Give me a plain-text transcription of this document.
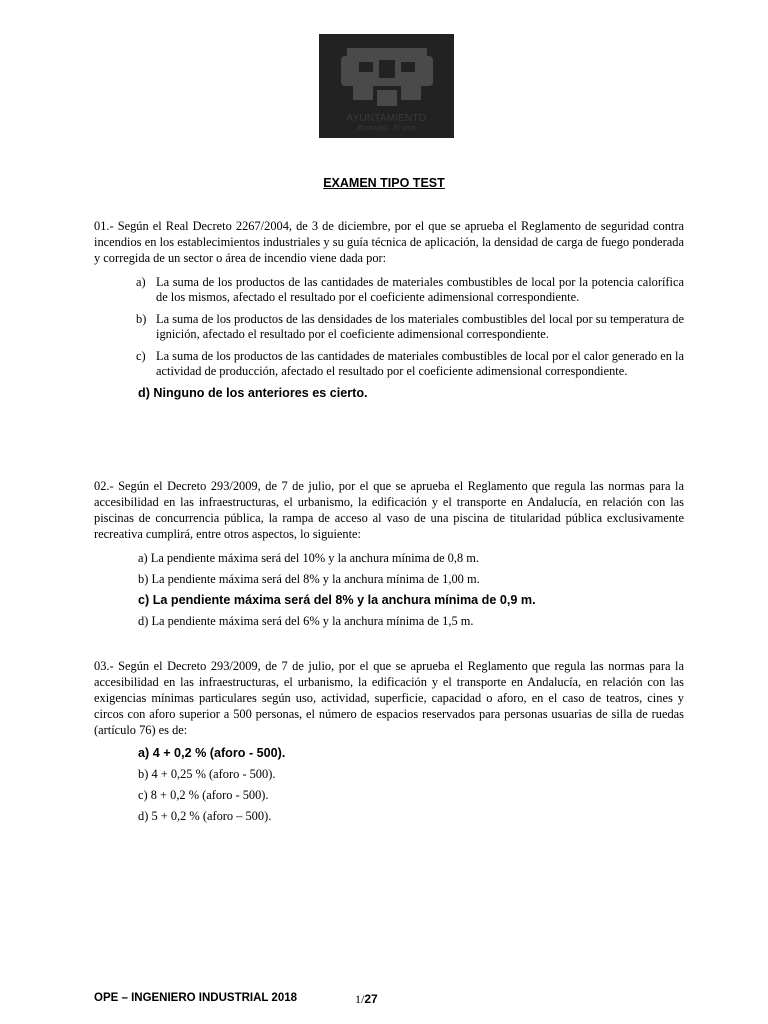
AYUNTAMIENTO
Bormujos · El Viso
EXAMEN TIPO TEST

01.- Según el Real Decreto 2267/2004, de 3 de diciembre, por el que se aprueba el Reglamento de seguridad contra incendios en los establecimientos industriales y su guía técnica de aplicación, la densidad de carga de fuego ponderada y corregida de un sector o área de incendio viene dada por:

a) La suma de los productos de las cantidades de materiales combustibles de local por la potencia calorífica de los mismos, afectado el resultado por el coeficiente adimensional correspondiente.
b) La suma de los productos de las densidades de los materiales combustibles del local por su temperatura de ignición, afectado el resultado por el coeficiente adimensional correspondiente.
c) La suma de los productos de las cantidades de materiales combustibles de local por el calor generado en la actividad de producción, afectado el resultado por el coeficiente adimensional correspondiente.
d) Ninguno de los anteriores es cierto.

02.- Según el Decreto 293/2009, de 7 de julio, por el que se aprueba el Reglamento que regula las normas para la accesibilidad en las infraestructuras, el urbanismo, la edificación y el transporte en Andalucía, en relación con las piscinas de concurrencia pública, la rampa de acceso al vaso de una piscina de titularidad pública exclusivamente recreativa cumplirá, entre otros aspectos, lo siguiente:

a) La pendiente máxima será del 10% y la anchura mínima de 0,8 m.
b) La pendiente máxima será del 8% y la anchura mínima de 1,00 m.
c) La pendiente máxima será del 8% y la anchura mínima de 0,9 m.
d) La pendiente máxima será del 6% y la anchura mínima de 1,5 m.

03.- Según el Decreto 293/2009, de 7 de julio, por el que se aprueba el Reglamento que regula las normas para la accesibilidad en las infraestructuras, el urbanismo, la edificación y el transporte en Andalucía, en relación con las exigencias mínimas particulares según uso, actividad, superficie, capacidad o aforo, en el caso de teatros, cines y circos con aforo superior a 500 personas, el número de espacios reservados para personas usuarias de silla de ruedas (artículo 76) es de:

a) 4 + 0,2 % (aforo - 500).
b) 4 + 0,25 % (aforo - 500).
c) 8 + 0,2 % (aforo - 500).
d) 5 + 0,2 % (aforo – 500).
OPE – INGENIERO INDUSTRIAL 2018	1/27
